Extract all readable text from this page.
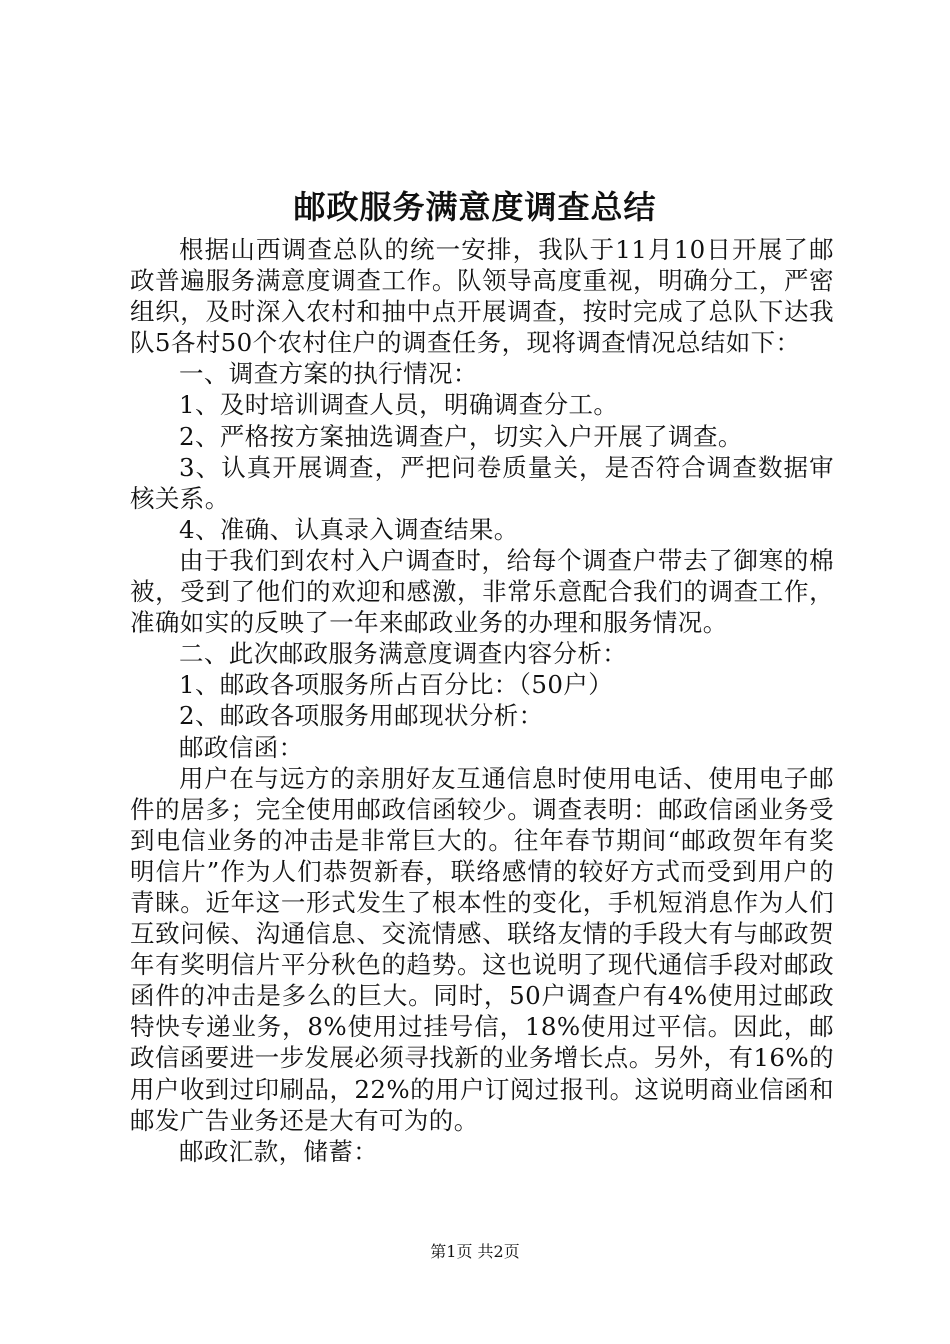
邮政服务满意度调查总结

根据山西调查总队的统一安排，我队于11月10日开展了邮政普遍服务满意度调查工作。队领导高度重视，明确分工，严密组织，及时深入农村和抽中点开展调查，按时完成了总队下达我队5各村50个农村住户的调查任务，现将调查情况总结如下：

一、调查方案的执行情况：

1、及时培训调查人员，明确调查分工。

2、严格按方案抽选调查户，切实入户开展了调查。

3、认真开展调查，严把问卷质量关，是否符合调查数据审核关系。

4、准确、认真录入调查结果。

由于我们到农村入户调查时，给每个调查户带去了御寒的棉被，受到了他们的欢迎和感激，非常乐意配合我们的调查工作，准确如实的反映了一年来邮政业务的办理和服务情况。

二、此次邮政服务满意度调查内容分析：

1、邮政各项服务所占百分比：（50户）

2、邮政各项服务用邮现状分析：

邮政信函：

用户在与远方的亲朋好友互通信息时使用电话、使用电子邮件的居多；完全使用邮政信函较少。调查表明：邮政信函业务受到电信业务的冲击是非常巨大的。往年春节期间“邮政贺年有奖明信片”作为人们恭贺新春，联络感情的较好方式而受到用户的青睐。近年这一形式发生了根本性的变化，手机短消息作为人们互致问候、沟通信息、交流情感、联络友情的手段大有与邮政贺年有奖明信片平分秋色的趋势。这也说明了现代通信手段对邮政函件的冲击是多么的巨大。同时，50户调查户有4%使用过邮政特快专递业务，8%使用过挂号信，18%使用过平信。因此，邮政信函要进一步发展必须寻找新的业务增长点。另外，有16%的用户收到过印刷品，22%的用户订阅过报刊。这说明商业信函和邮发广告业务还是大有可为的。

邮政汇款，储蓄：

第1页 共2页
